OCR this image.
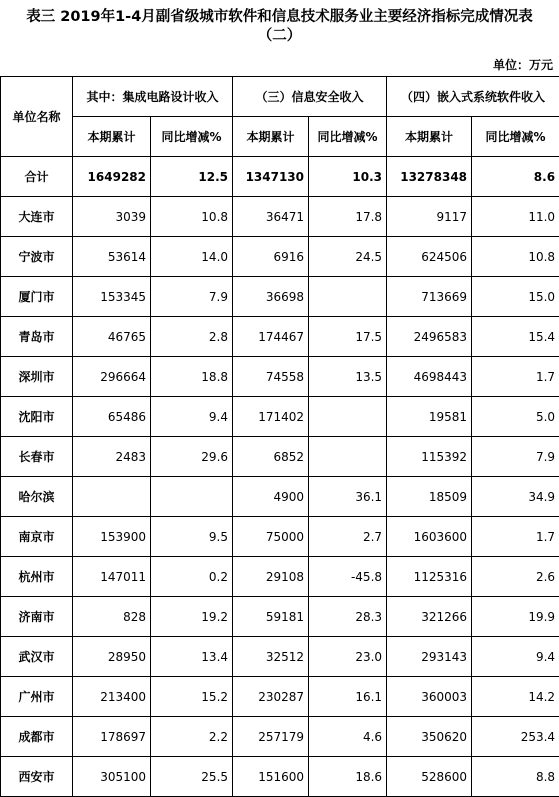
表三 2019年1-4月副省级城市软件和信息技术服务业主要经济指标完成情况表（二）
单位：万元
单位名称	其中：集成电路设计收入		（三）信息安全收入		（四）嵌入式系统软件收入	
	本期累计	同比增减%	本期累计	同比增减%	本期累计	同比增减%
合计	1649282	12.5	1347130	10.3	13278348	8.6
大连市	3039	10.8	36471	17.8	9117	11.0
宁波市	53614	14.0	6916	24.5	624506	10.8
厦门市	153345	7.9	36698		713669	15.0
青岛市	46765	2.8	174467	17.5	2496583	15.4
深圳市	296664	18.8	74558	13.5	4698443	1.7
沈阳市	65486	9.4	171402		19581	5.0
长春市	2483	29.6	6852		115392	7.9
哈尔滨			4900	36.1	18509	34.9
南京市	153900	9.5	75000	2.7	1603600	1.7
杭州市	147011	0.2	29108	-45.8	1125316	2.6
济南市	828	19.2	59181	28.3	321266	19.9
武汉市	28950	13.4	32512	23.0	293143	9.4
广州市	213400	15.2	230287	16.1	360003	14.2
成都市	178697	2.2	257179	4.6	350620	253.4
西安市	305100	25.5	151600	18.6	528600	8.8
